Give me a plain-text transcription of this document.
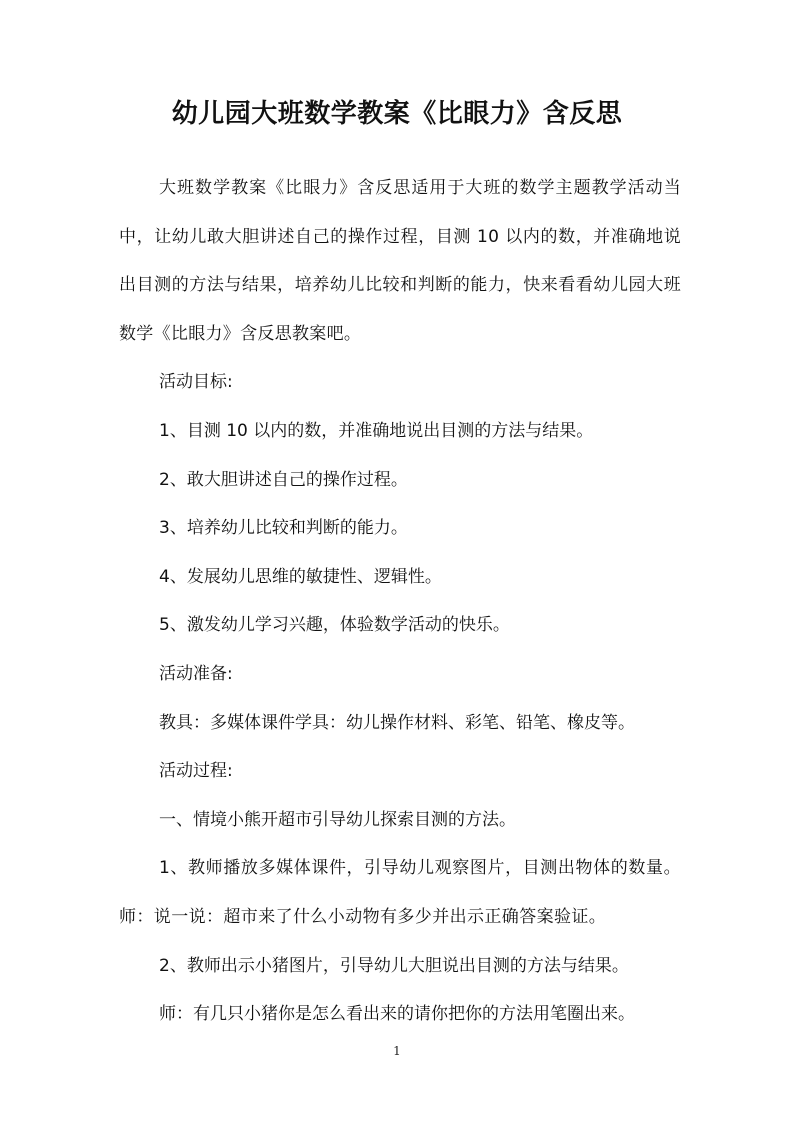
幼儿园大班数学教案《比眼力》含反思

大班数学教案《比眼力》含反思适用于大班的数学主题教学活动当中，让幼儿敢大胆讲述自己的操作过程，目测 10 以内的数，并准确地说出目测的方法与结果，培养幼儿比较和判断的能力，快来看看幼儿园大班数学《比眼力》含反思教案吧。

活动目标:

1、目测 10 以内的数，并准确地说出目测的方法与结果。

2、敢大胆讲述自己的操作过程。

3、培养幼儿比较和判断的能力。

4、发展幼儿思维的敏捷性、逻辑性。

5、激发幼儿学习兴趣，体验数学活动的快乐。

活动准备:

教具：多媒体课件学具：幼儿操作材料、彩笔、铅笔、橡皮等。

活动过程:

一、情境小熊开超市引导幼儿探索目测的方法。

1、教师播放多媒体课件，引导幼儿观察图片，目测出物体的数量。师：说一说：超市来了什么小动物有多少并出示正确答案验证。

2、教师出示小猪图片，引导幼儿大胆说出目测的方法与结果。

师：有几只小猪你是怎么看出来的请你把你的方法用笔圈出来。

1
